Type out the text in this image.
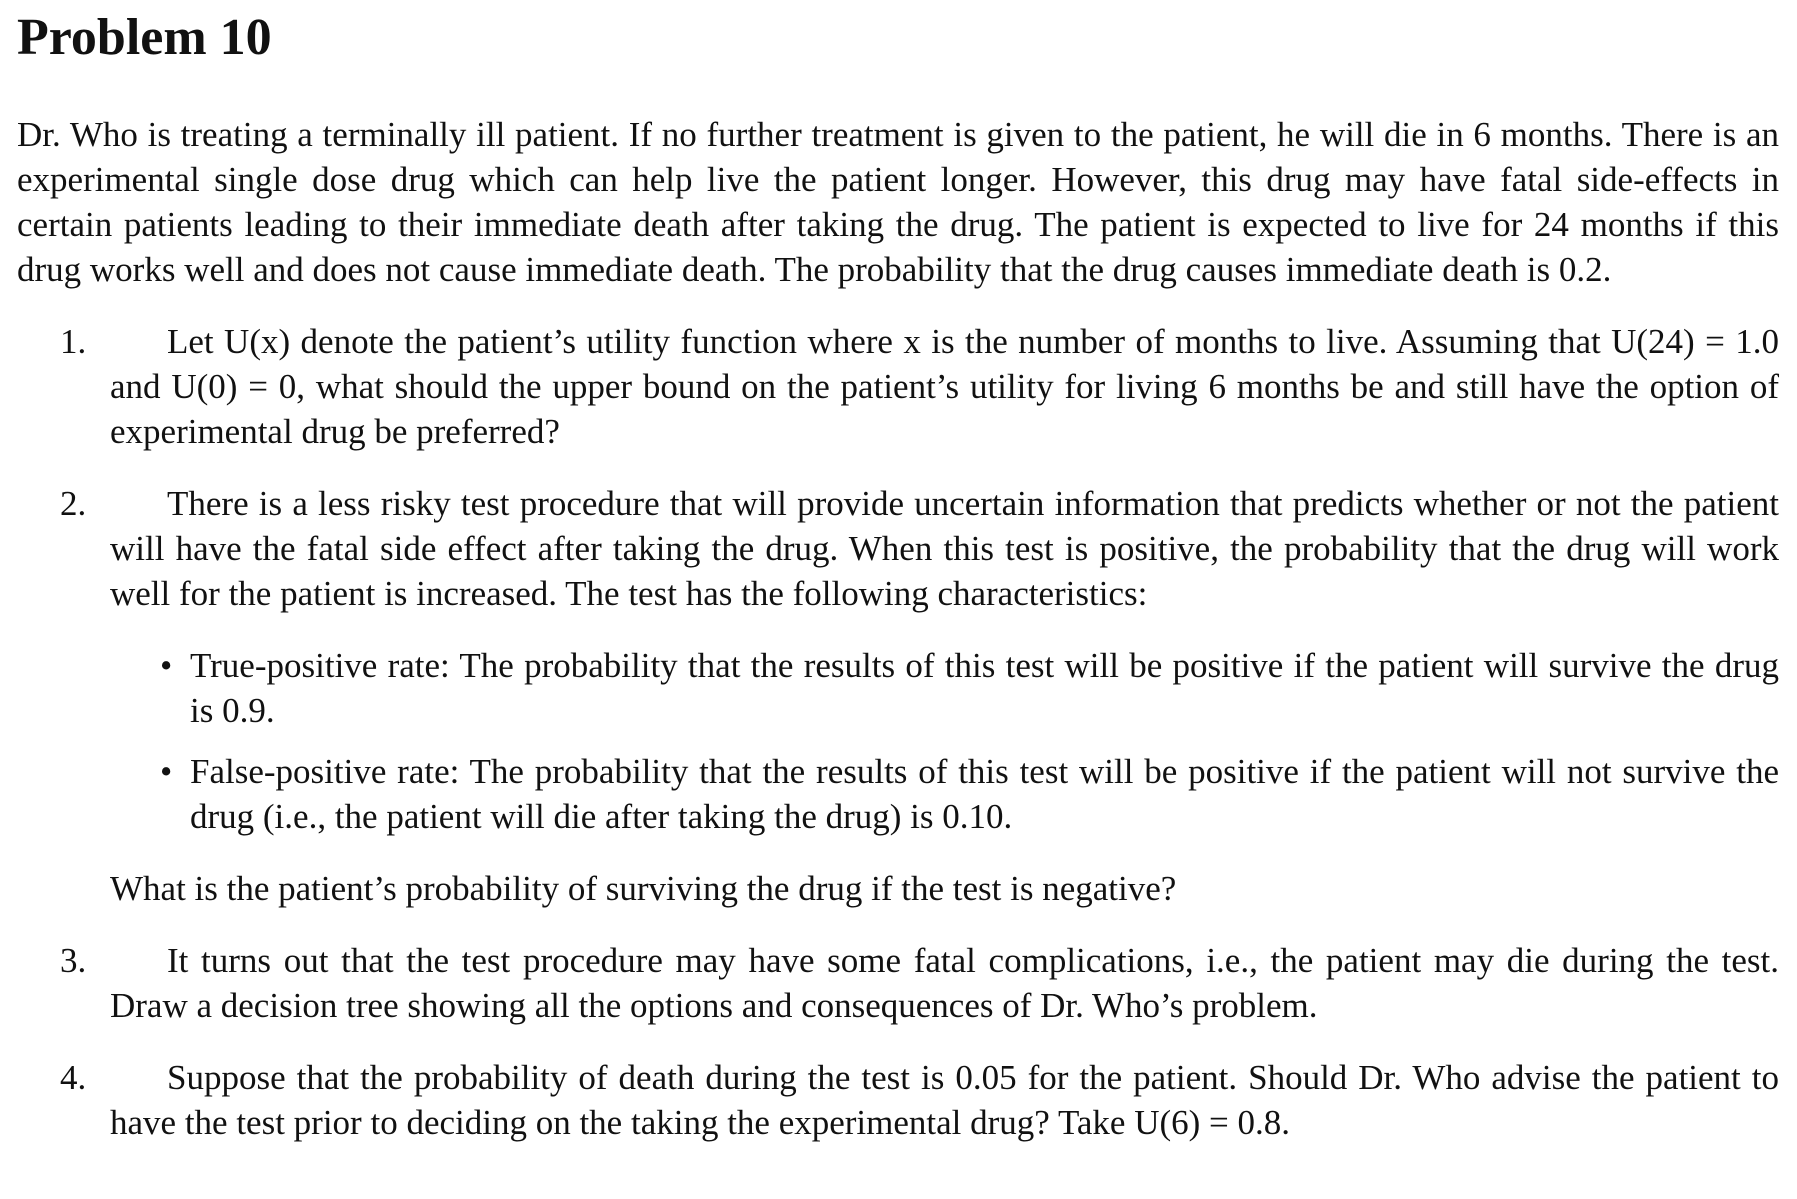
Problem 10

Dr. Who is treating a terminally ill patient. If no further treatment is given to the patient, he will die in 6 months. There is an experimental single dose drug which can help live the patient longer. However, this drug may have fatal side-effects in certain patients leading to their immediate death after taking the drug. The patient is expected to live for 24 months if this drug works well and does not cause immediate death. The probability that the drug causes immediate death is 0.2.

1. Let U(x) denote the patient’s utility function where x is the number of months to live. Assuming that U(24) = 1.0 and U(0) = 0, what should the upper bound on the patient’s utility for living 6 months be and still have the option of experimental drug be preferred?
2. There is a less risky test procedure that will provide uncertain information that predicts whether or not the patient will have the fatal side effect after taking the drug. When this test is positive, the probability that the drug will work well for the patient is increased. The test has the following characteristics:
• True-positive rate: The probability that the results of this test will be positive if the patient will survive the drug is 0.9.
• False-positive rate: The probability that the results of this test will be positive if the patient will not survive the drug (i.e., the patient will die after taking the drug) is 0.10.
What is the patient’s probability of surviving the drug if the test is negative?
3. It turns out that the test procedure may have some fatal complications, i.e., the patient may die during the test. Draw a decision tree showing all the options and consequences of Dr. Who’s problem.
4. Suppose that the probability of death during the test is 0.05 for the patient. Should Dr. Who advise the patient to have the test prior to deciding on the taking the experimental drug? Take U(6) = 0.8.
